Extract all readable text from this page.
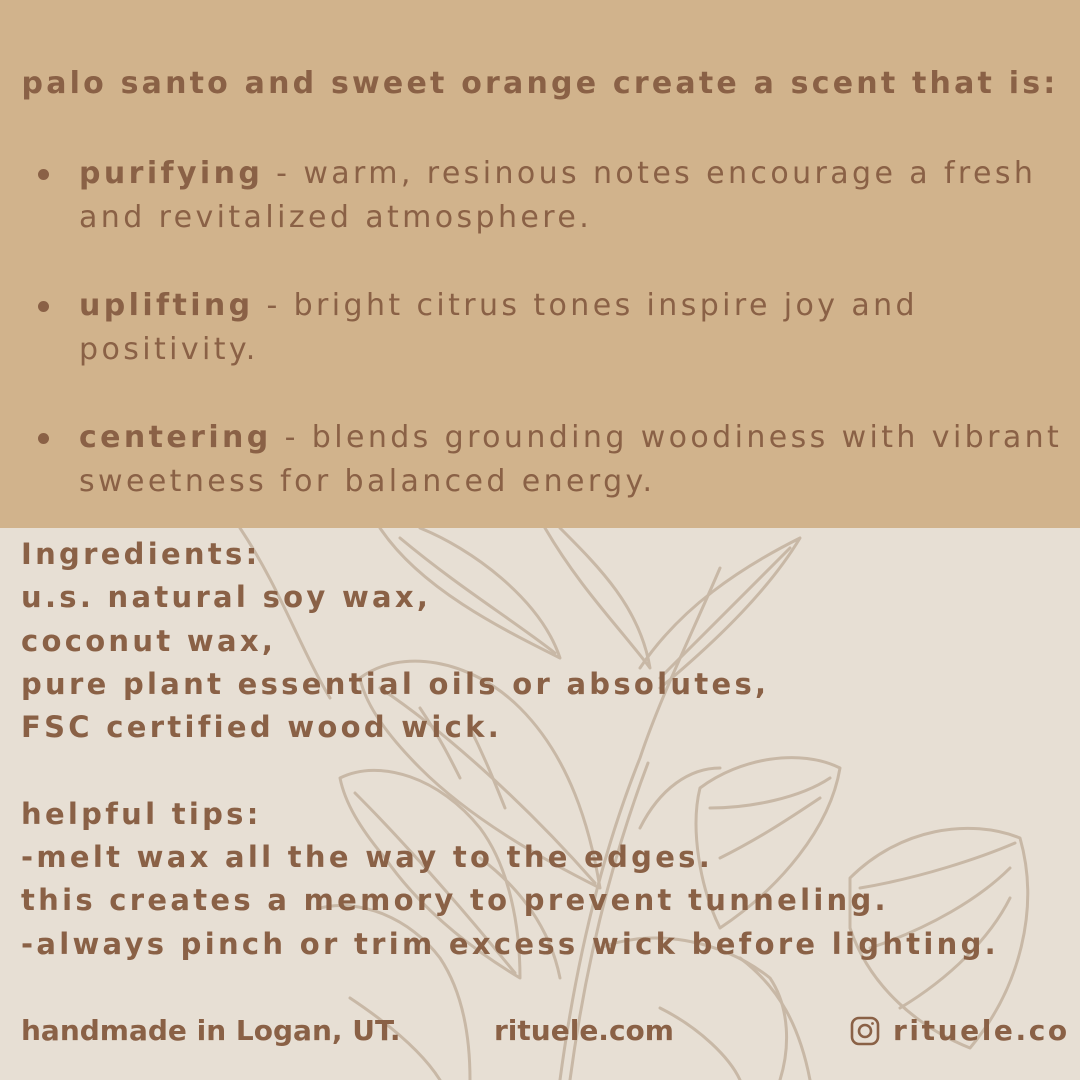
palo santo and sweet orange create a scent that is:

purifying - warm, resinous notes encourage a fresh and revitalized atmosphere.
uplifting - bright citrus tones inspire joy and positivity.
centering - blends grounding woodiness with vibrant sweetness for balanced energy.
Ingredients:
u.s. natural soy wax,
coconut wax,
pure plant essential oils or absolutes,
FSC certified wood wick.
helpful tips:
-melt wax all the way to the edges.
this creates a memory to prevent tunneling.
-always pinch or trim excess wick before lighting.
handmade in Logan, UT.	rituele.com	rituele.co
